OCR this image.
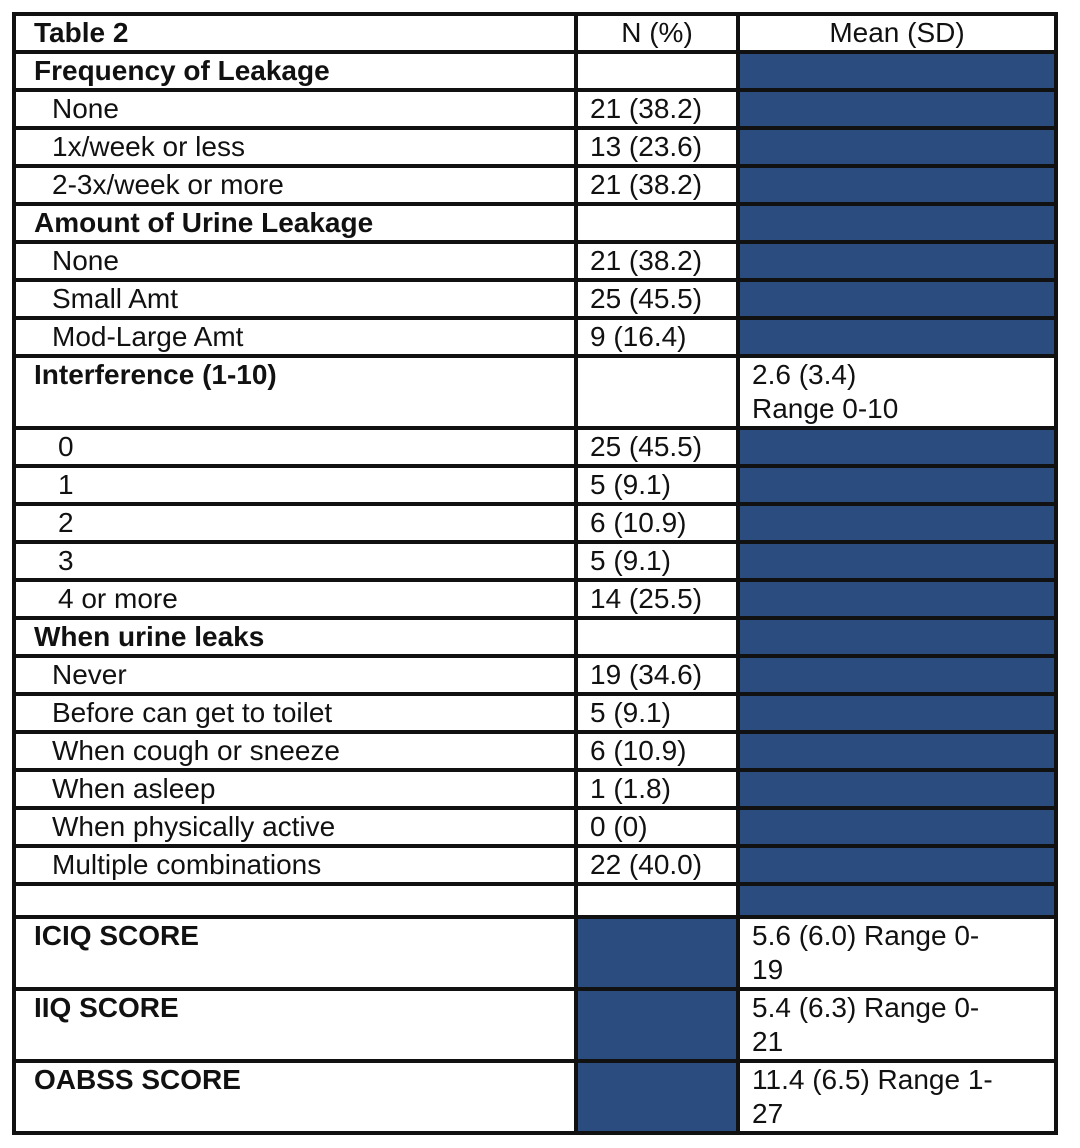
Table 2	N (%)	Mean (SD)
Frequency of Leakage		
None	21 (38.2)	
1x/week or less	13 (23.6)	
2-3x/week or more	21 (38.2)	
Amount of Urine Leakage		
None	21 (38.2)	
Small Amt	25 (45.5)	
Mod-Large Amt	9 (16.4)	
Interference (1-10)		2.6 (3.4)
Range 0-10
0	25 (45.5)	
1	5 (9.1)	
2	6 (10.9)	
3	5 (9.1)	
4 or more	14 (25.5)	
When urine leaks		
Never	19 (34.6)	
Before can get to toilet	5 (9.1)	
When cough or sneeze	6 (10.9)	
When asleep	1 (1.8)	
When physically active	0 (0)	
Multiple combinations	22 (40.0)	

ICIQ SCORE		5.6 (6.0) Range 0-
19
IIQ SCORE		5.4 (6.3) Range 0-
21
OABSS SCORE		11.4 (6.5) Range 1-
27
